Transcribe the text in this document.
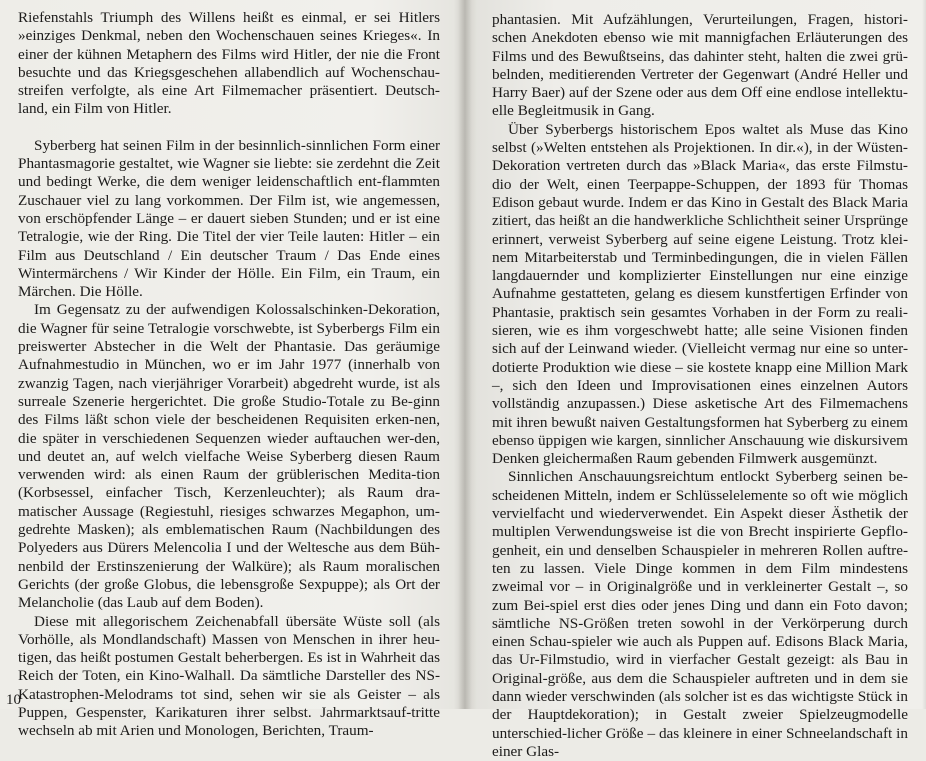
Riefenstahls Triumph des Willens heißt es einmal, er sei Hitlers »einziges Denkmal, neben den Wochenschauen seines Krieges«. In einer der kühnen Metaphern des Films wird Hitler, der nie die Front besuchte und das Kriegsgeschehen allabendlich auf Wochenschau-streifen verfolgte, als eine Art Filmemacher präsentiert. Deutsch-land, ein Film von Hitler.

Syberberg hat seinen Film in der besinnlich-sinnlichen Form einer Phantasmagorie gestaltet, wie Wagner sie liebte: sie zerdehnt die Zeit und bedingt Werke, die dem weniger leidenschaftlich ent-flammten Zuschauer viel zu lang vorkommen. Der Film ist, wie angemessen, von erschöpfender Länge – er dauert sieben Stunden; und er ist eine Tetralogie, wie der Ring. Die Titel der vier Teile lauten: Hitler – ein Film aus Deutschland / Ein deutscher Traum / Das Ende eines Wintermärchens / Wir Kinder der Hölle. Ein Film, ein Traum, ein Märchen. Die Hölle.

Im Gegensatz zu der aufwendigen Kolossalschinken-Dekoration, die Wagner für seine Tetralogie vorschwebte, ist Syberbergs Film ein preiswerter Abstecher in die Welt der Phantasie. Das geräumige Aufnahmestudio in München, wo er im Jahr 1977 (innerhalb von zwanzig Tagen, nach vierjähriger Vorarbeit) abgedreht wurde, ist als surreale Szenerie hergerichtet. Die große Studio-Totale zu Be-ginn des Films läßt schon viele der bescheidenen Requisiten erken-nen, die später in verschiedenen Sequenzen wieder auftauchen wer-den, und deutet an, auf welch vielfache Weise Syberberg diesen Raum verwenden wird: als einen Raum der grüblerischen Medita-tion (Korbsessel, einfacher Tisch, Kerzenleuchter); als Raum dra-matischer Aussage (Regiestuhl, riesiges schwarzes Megaphon, um-gedrehte Masken); als emblematischen Raum (Nachbildungen des Polyeders aus Dürers Melencolia I und der Weltesche aus dem Büh-nenbild der Erstinszenierung der Walküre); als Raum moralischen Gerichts (der große Globus, die lebensgroße Sexpuppe); als Ort der Melancholie (das Laub auf dem Boden).

Diese mit allegorischem Zeichenabfall übersäte Wüste soll (als Vorhölle, als Mondlandschaft) Massen von Menschen in ihrer heu-tigen, das heißt postumen Gestalt beherbergen. Es ist in Wahrheit das Reich der Toten, ein Kino-Walhall. Da sämtliche Darsteller des NS-Katastrophen-Melodrams tot sind, sehen wir sie als Geister – als Puppen, Gespenster, Karikaturen ihrer selbst. Jahrmarktsauf-tritte wechseln ab mit Arien und Monologen, Berichten, Traum-

10

phantasien. Mit Aufzählungen, Verurteilungen, Fragen, histori-schen Anekdoten ebenso wie mit mannigfachen Erläuterungen des Films und des Bewußtseins, das dahinter steht, halten die zwei grü-belnden, meditierenden Vertreter der Gegenwart (André Heller und Harry Baer) auf der Szene oder aus dem Off eine endlose intellektu-elle Begleitmusik in Gang.

Über Syberbergs historischem Epos waltet als Muse das Kino selbst (»Welten entstehen als Projektionen. In dir.«), in der Wüsten-Dekoration vertreten durch das »Black Maria«, das erste Filmstu-dio der Welt, einen Teerpappe-Schuppen, der 1893 für Thomas Edison gebaut wurde. Indem er das Kino in Gestalt des Black Maria zitiert, das heißt an die handwerkliche Schlichtheit seiner Ursprünge erinnert, verweist Syberberg auf seine eigene Leistung. Trotz klei-nem Mitarbeiterstab und Terminbedingungen, die in vielen Fällen langdauernder und komplizierter Einstellungen nur eine einzige Aufnahme gestatteten, gelang es diesem kunstfertigen Erfinder von Phantasie, praktisch sein gesamtes Vorhaben in der Form zu reali-sieren, wie es ihm vorgeschwebt hatte; alle seine Visionen finden sich auf der Leinwand wieder. (Vielleicht vermag nur eine so unter-dotierte Produktion wie diese – sie kostete knapp eine Million Mark –, sich den Ideen und Improvisationen eines einzelnen Autors vollständig anzupassen.) Diese asketische Art des Filmemachens mit ihren bewußt naiven Gestaltungsformen hat Syberberg zu einem ebenso üppigen wie kargen, sinnlicher Anschauung wie diskursivem Denken gleichermaßen Raum gebenden Filmwerk ausgemünzt.

Sinnlichen Anschauungsreichtum entlockt Syberberg seinen be-scheidenen Mitteln, indem er Schlüsselelemente so oft wie möglich vervielfacht und wiederverwendet. Ein Aspekt dieser Ästhetik der multiplen Verwendungsweise ist die von Brecht inspirierte Gepflo-genheit, ein und denselben Schauspieler in mehreren Rollen auftre-ten zu lassen. Viele Dinge kommen in dem Film mindestens zweimal vor – in Originalgröße und in verkleinerter Gestalt –, so zum Bei-spiel erst dies oder jenes Ding und dann ein Foto davon; sämtliche NS-Größen treten sowohl in der Verkörperung durch einen Schau-spieler wie auch als Puppen auf. Edisons Black Maria, das Ur-Filmstudio, wird in vierfacher Gestalt gezeigt: als Bau in Original-größe, aus dem die Schauspieler auftreten und in dem sie dann wieder verschwinden (als solcher ist es das wichtigste Stück in der Hauptdekoration); in Gestalt zweier Spielzeugmodelle unterschied-licher Größe – das kleinere in einer Schneelandschaft in einer Glas-
